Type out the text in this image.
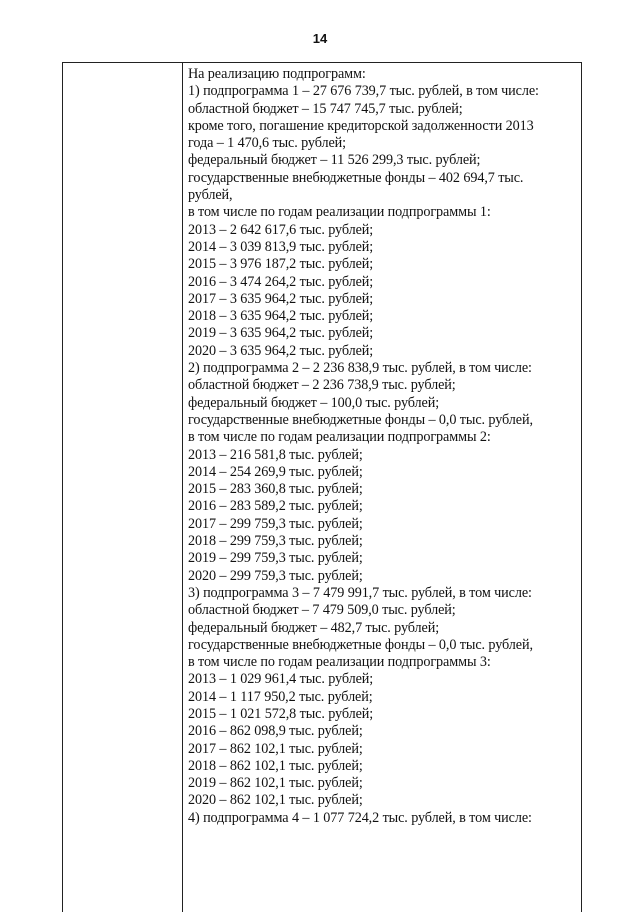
14
На реализацию подпрограмм:
1) подпрограмма 1 – 27 676 739,7 тыс. рублей, в том числе:
областной бюджет – 15 747 745,7 тыс. рублей;
кроме того, погашение кредиторской задолженности 2013
года – 1 470,6 тыс. рублей;
федеральный бюджет – 11 526 299,3 тыс. рублей;
государственные внебюджетные фонды – 402 694,7 тыс.
рублей,
в том числе по годам реализации подпрограммы 1:
2013 – 2 642 617,6 тыс. рублей;
2014 – 3 039 813,9 тыс. рублей;
2015 – 3 976 187,2 тыс. рублей;
2016 – 3 474 264,2 тыс. рублей;
2017 – 3 635 964,2 тыс. рублей;
2018 – 3 635 964,2 тыс. рублей;
2019 – 3 635 964,2 тыс. рублей;
2020 – 3 635 964,2 тыс. рублей;
2) подпрограмма 2 – 2 236 838,9 тыс. рублей, в том числе:
областной бюджет – 2 236 738,9 тыс. рублей;
федеральный бюджет – 100,0 тыс. рублей;
государственные внебюджетные фонды – 0,0 тыс. рублей,
в том числе по годам реализации подпрограммы 2:
2013 – 216 581,8 тыс. рублей;
2014 – 254 269,9 тыс. рублей;
2015 – 283 360,8 тыс. рублей;
2016 – 283 589,2 тыс. рублей;
2017 – 299 759,3 тыс. рублей;
2018 – 299 759,3 тыс. рублей;
2019 – 299 759,3 тыс. рублей;
2020 – 299 759,3 тыс. рублей;
3) подпрограмма 3 – 7 479 991,7 тыс. рублей, в том числе:
областной бюджет – 7 479 509,0 тыс. рублей;
федеральный бюджет – 482,7 тыс. рублей;
государственные внебюджетные фонды – 0,0 тыс. рублей,
в том числе по годам реализации подпрограммы 3:
2013 – 1 029 961,4 тыс. рублей;
2014 – 1 117 950,2 тыс. рублей;
2015 – 1 021 572,8 тыс. рублей;
2016 – 862 098,9 тыс. рублей;
2017 – 862 102,1 тыс. рублей;
2018 – 862 102,1 тыс. рублей;
2019 – 862 102,1 тыс. рублей;
2020 – 862 102,1 тыс. рублей;
4) подпрограмма 4 – 1 077 724,2 тыс. рублей, в том числе:
